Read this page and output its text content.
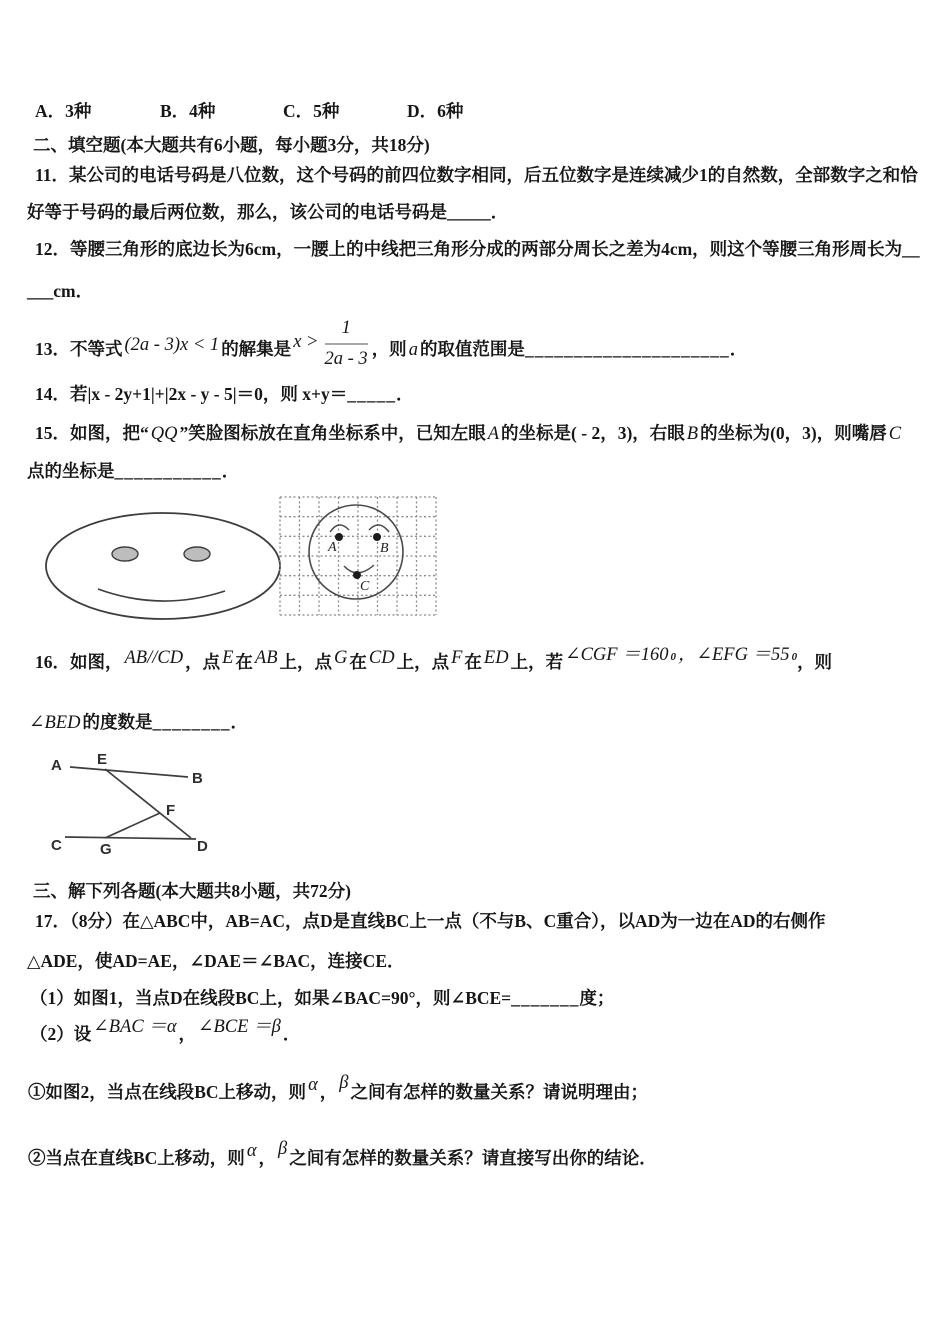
A．3种	B．4种	C．5种	D．6种
二、填空题(本大题共有6小题，每小题3分，共18分)
11．某公司的电话号码是八位数，这个号码的前四位数字相同，后五位数字是连续减少1的自然数，全部数字之和恰
好等于号码的最后两位数，那么，该公司的电话号码是_____．
12．等腰三角形的底边长为6cm，一腰上的中线把三角形分成的两部分周长之差为4cm，则这个等腰三角形周长为__
___cm．
13．不等式 (2a - 3)x < 1 的解集是 $x > \frac{1}{2a - 3}$ ，则 a 的取值范围是_____________________．
14．若|x - 2y+1|+|2x - y - 5|＝0，则 x+y＝_____．
15．如图，把“ QQ ”笑脸图标放在直角坐标系中，已知左眼 A 的坐标是( - 2，3)，右眼 B 的坐标为(0，3)，则嘴唇 C
点的坐标是___________．
A	B
C
16．如图， AB//CD ，点 E 在 AB 上，点 G 在 CD 上，点 F 在 ED 上，若 ∠CGF ＝160 $^0$ ，∠EFG ＝55 $^0$，则
∠BED 的度数是________．
A E
B
F
C	G	D
三、解下列各题(本大题共8小题，共72分)
17．（8分）在△ABC中，AB=AC，点D是直线BC上一点（不与B、C重合），以AD为一边在AD的右侧作
△ADE，使AD=AE，∠DAE＝∠BAC，连接CE．
（1）如图1，当点D在线段BC上，如果∠BAC=90°，则∠BCE=_______度；
（2）设 ∠BAC ＝α ， ∠BCE ＝β ．
①如图2，当点在线段BC上移动，则 α ， β 之间有怎样的数量关系？请说明理由；
②当点在直线BC上移动，则 α ， β 之间有怎样的数量关系？请直接写出你的结论．
